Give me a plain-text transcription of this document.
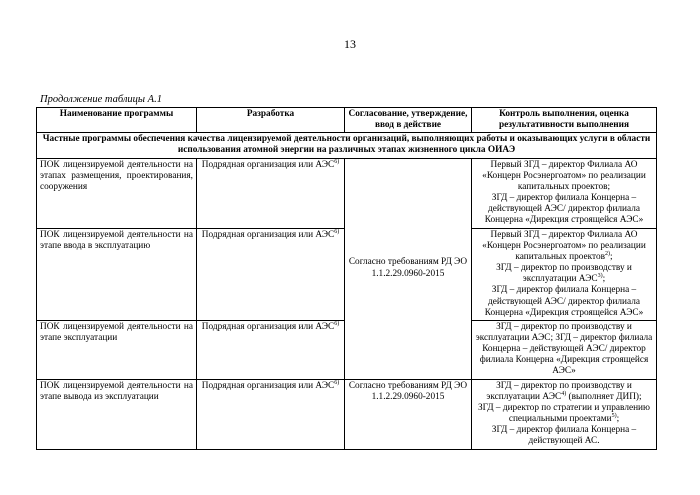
13
Продолжение таблицы А.1
Наименование программы	Разработка	Согласование, утверждение, ввод в действие	Контроль выполнения, оценка результативности выполнения
Частные программы обеспечения качества лицензируемой деятельности организаций, выполняющих работы и оказывающих услуги в области использования атомной энергии на различных этапах жизненного цикла ОИАЭ			
ПОК лицензируемой деятельности на этапах размещения, проектирования, сооружения	Подрядная организация или АЭС$^{6)}$	Согласно требованиям РД ЭО 1.1.2.29.0960-2015	Первый ЗГД – директор Филиала АО «Концерн Росэнергоатом» по реализации капитальных проектов;
ЗГД – директор филиала Концерна – действующей АЭС/ директор филиала Концерна «Дирекция строящейся АЭС»
ПОК лицензируемой деятельности на этапе ввода в эксплуатацию	Подрядная организация или АЭС$^{6)}$		Первый ЗГД – директор Филиала АО «Концерн Росэнергоатом» по реализации капитальных проектов$^{2)}$;
ЗГД – директор по производству и эксплуатации АЭС$^{3)}$;
ЗГД – директор филиала Концерна – действующей АЭС/ директор филиала Концерна «Дирекция строящейся АЭС»
ПОК лицензируемой деятельности на этапе эксплуатации	Подрядная организация или АЭС$^{6)}$		ЗГД – директор по производству и эксплуатации АЭС; ЗГД – директор филиала Концерна – действующей АЭС/ директор филиала Концерна «Дирекция строящейся АЭС»
ПОК лицензируемой деятельности на этапе вывода из эксплуатации	Подрядная организация или АЭС$^{6)}$	Согласно требованиям РД ЭО 1.1.2.29.0960-2015	ЗГД – директор по производству и эксплуатации АЭС$^{4)}$ (выполняет ДИП);
ЗГД – директор по стратегии и управлению специальными проектами$^{5)}$;
ЗГД – директор филиала Концерна – действующей АС.
